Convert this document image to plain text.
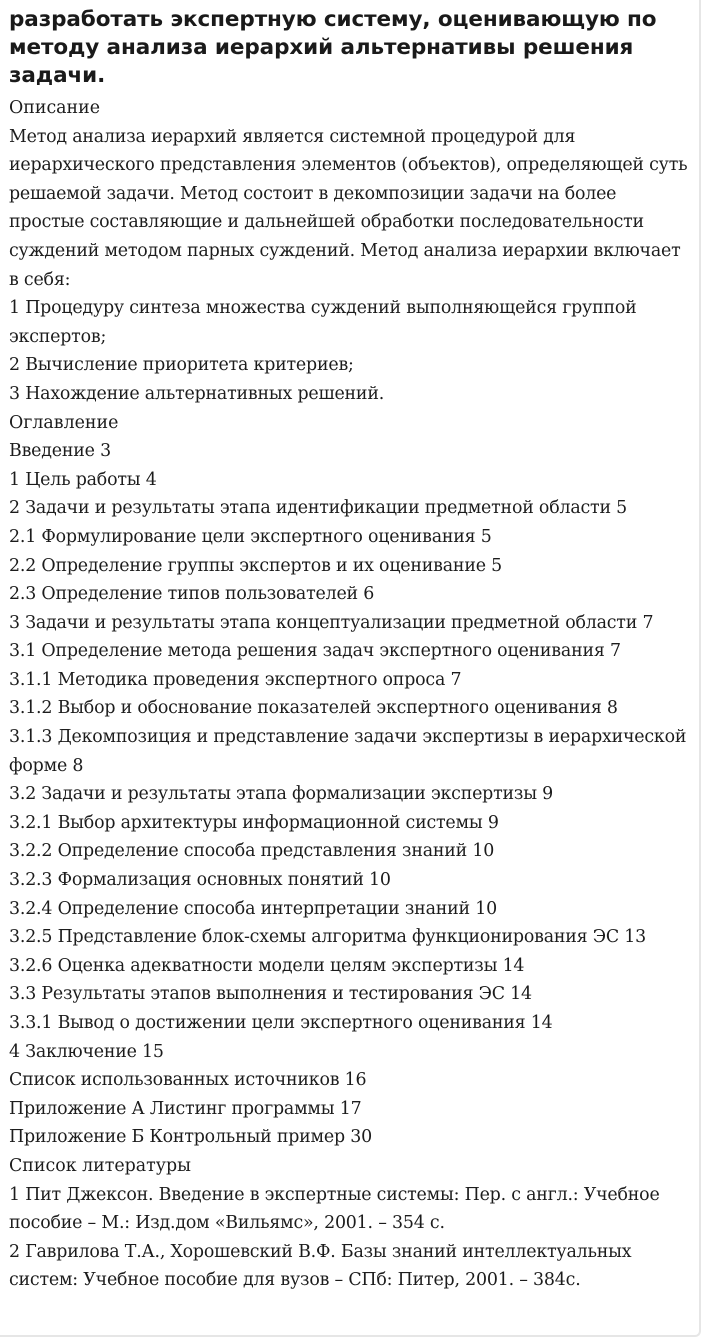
разработать экспертную систему, оценивающую по методу анализа иерархий альтернативы решения задачи.
Описание
Метод анализа иерархий является системной процедурой для иерархического представления элементов (объектов), определяющей суть решаемой задачи. Метод состоит в декомпозиции задачи на более простые составляющие и дальнейшей обработки последовательности суждений методом парных суждений. Метод анализа иерархии включает в себя:
1 Процедуру синтеза множества суждений выполняющейся группой экспертов;
2 Вычисление приоритета критериев;
3 Нахождение альтернативных решений.
Оглавление
Введение 3
1 Цель работы 4
2 Задачи и результаты этапа идентификации предметной области 5
2.1 Формулирование цели экспертного оценивания 5
2.2 Определение группы экспертов и их оценивание 5
2.3 Определение типов пользователей 6
3 Задачи и результаты этапа концептуализации предметной области 7
3.1 Определение метода решения задач экспертного оценивания 7
3.1.1 Методика проведения экспертного опроса 7
3.1.2 Выбор и обоснование показателей экспертного оценивания 8
3.1.3 Декомпозиция и представление задачи экспертизы в иерархической форме 8
3.2 Задачи и результаты этапа формализации экспертизы 9
3.2.1 Выбор архитектуры информационной системы 9
3.2.2 Определение способа представления знаний 10
3.2.3 Формализация основных понятий 10
3.2.4 Определение способа интерпретации знаний 10
3.2.5 Представление блок-схемы алгоритма функционирования ЭС 13
3.2.6 Оценка адекватности модели целям экспертизы 14
3.3 Результаты этапов выполнения и тестирования ЭС 14
3.3.1 Вывод о достижении цели экспертного оценивания 14
4 Заключение 15
Список использованных источников 16
Приложение А Листинг программы 17
Приложение Б Контрольный пример 30
Список литературы
1 Пит Джексон. Введение в экспертные системы: Пер. с англ.: Учебное пособие – М.: Изд.дом «Вильямс», 2001. – 354 с.
2 Гаврилова Т.А., Хорошевский В.Ф. Базы знаний интеллектуальных систем: Учебное пособие для вузов – СПб: Питер, 2001. – 384с.
